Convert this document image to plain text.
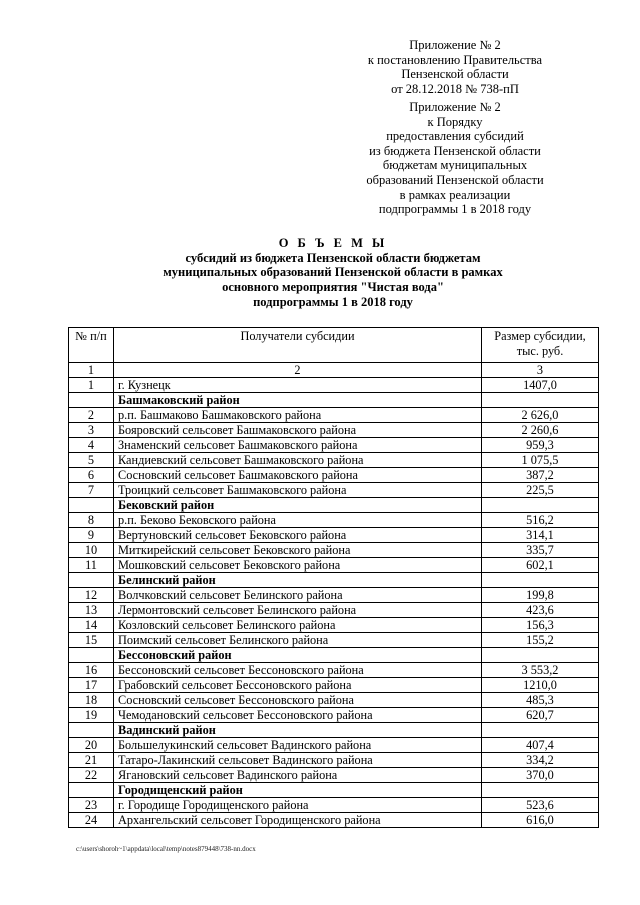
Приложение № 2
к постановлению Правительства
Пензенской области
от 28.12.2018 № 738-пП
Приложение № 2
к Порядку
предоставления субсидий
из бюджета Пензенской области
бюджетам муниципальных
образований Пензенской области
в рамках реализации
подпрограммы 1 в 2018 году
О Б Ъ Е М Ы
субсидий из бюджета Пензенской области бюджетам
муниципальных образований Пензенской области в рамках
основного мероприятия "Чистая вода"
подпрограммы 1 в 2018 году
№ п/п	Получатели субсидии	Размер субсидии, тыс. руб.
1	2	3
1	г. Кузнецк	1407,0
	Башмаковский район	
2	р.п. Башмаково Башмаковского района	2 626,0
3	Бояровский сельсовет Башмаковского района	2 260,6
4	Знаменский сельсовет Башмаковского района	959,3
5	Кандиевский сельсовет Башмаковского района	1 075,5
6	Сосновский сельсовет Башмаковского района	387,2
7	Троицкий сельсовет Башмаковского района	225,5
	Бековский район	
8	р.п. Беково Бековского района	516,2
9	Вертуновский сельсовет Бековского района	314,1
10	Миткирейский сельсовет Бековского района	335,7
11	Мошковский сельсовет Бековского района	602,1
	Белинский район	
12	Волчковский сельсовет Белинского района	199,8
13	Лермонтовский сельсовет Белинского района	423,6
14	Козловский сельсовет Белинского района	156,3
15	Поимский сельсовет Белинского района	155,2
	Бессоновский район	
16	Бессоновский сельсовет Бессоновского района	3 553,2
17	Грабовский сельсовет Бессоновского района	1210,0
18	Сосновский сельсовет Бессоновского района	485,3
19	Чемодановский сельсовет Бессоновского района	620,7
	Вадинский район	
20	Большелукинский сельсовет Вадинского района	407,4
21	Татаро-Лакинский сельсовет Вадинского района	334,2
22	Ягановский сельсовет Вадинского района	370,0
	Городищенский район	
23	г. Городище Городищенского района	523,6
24	Архангельский сельсовет Городищенского района	616,0
c:\users\shoroh~1\appdata\local\temp\notes879448\738-nn.docx
